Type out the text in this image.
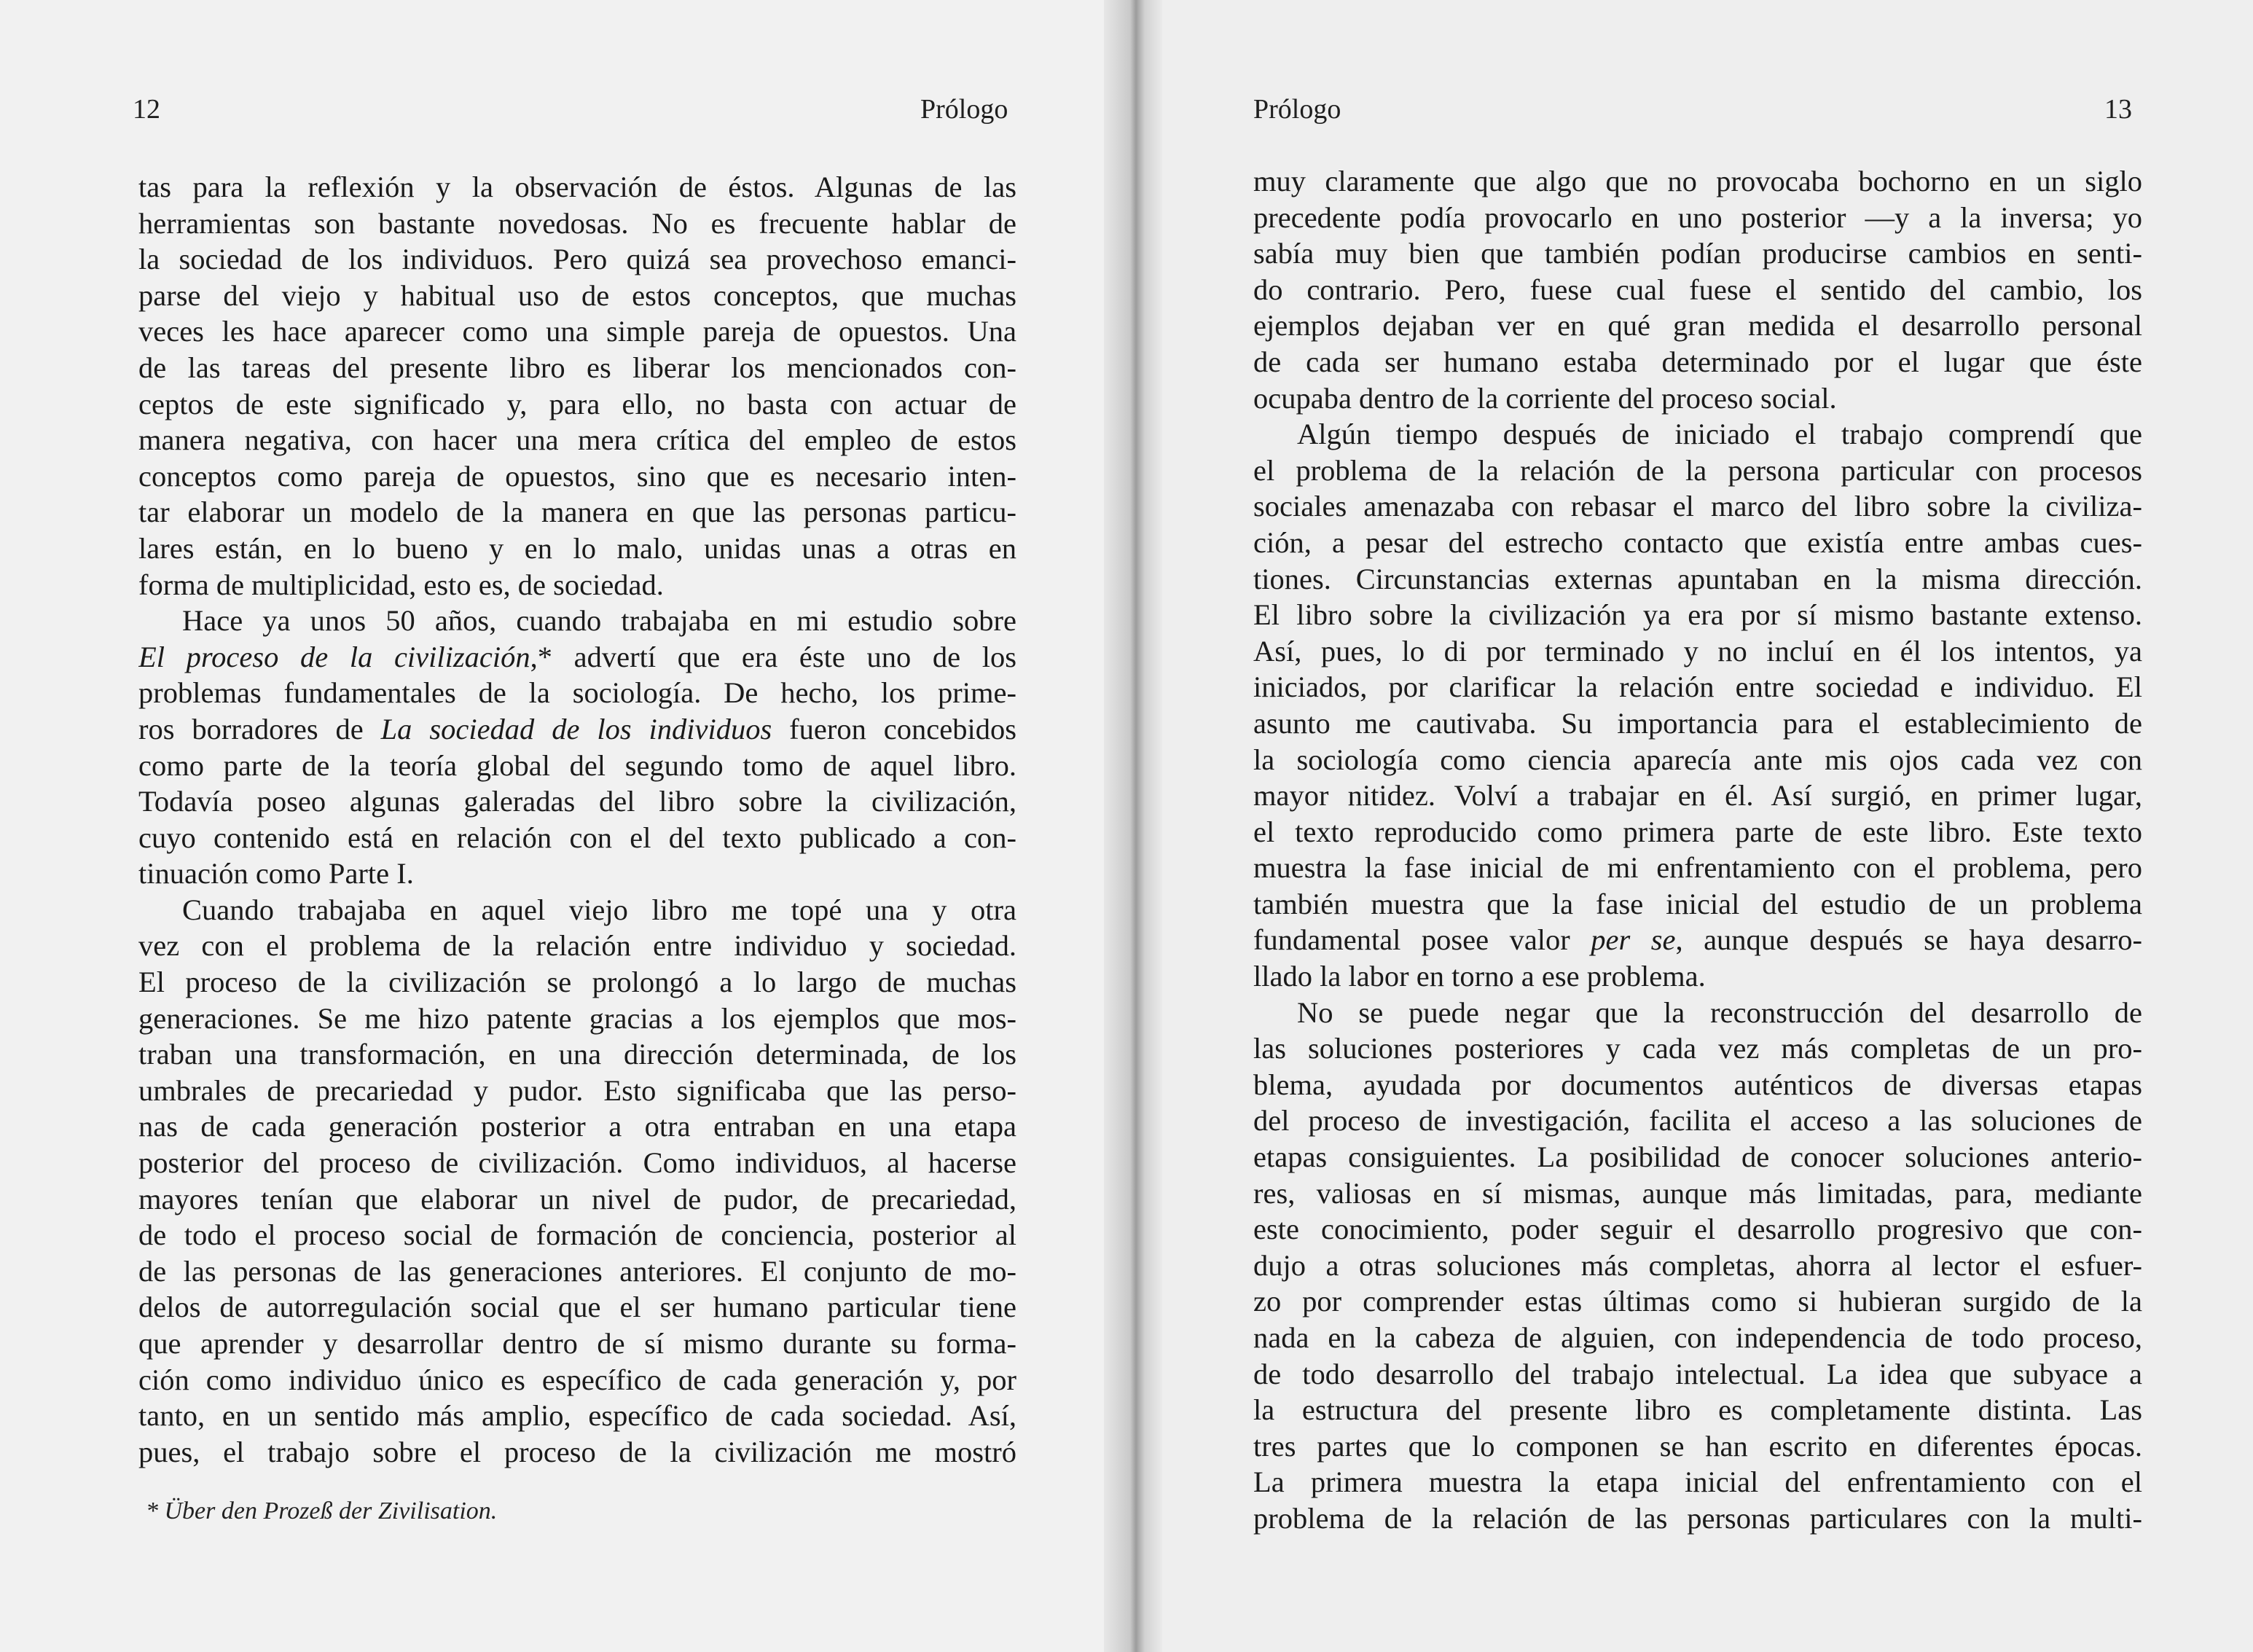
12	Prólogo
tas para la reflexión y la observación de éstos. Algunas de las
herramientas son bastante novedosas. No es frecuente hablar de
la sociedad de los individuos. Pero quizá sea provechoso emanci-
parse del viejo y habitual uso de estos conceptos, que muchas
veces les hace aparecer como una simple pareja de opuestos. Una
de las tareas del presente libro es liberar los mencionados con-
ceptos de este significado y, para ello, no basta con actuar de
manera negativa, con hacer una mera crítica del empleo de estos
conceptos como pareja de opuestos, sino que es necesario inten-
tar elaborar un modelo de la manera en que las personas particu-
lares están, en lo bueno y en lo malo, unidas unas a otras en
forma de multiplicidad, esto es, de sociedad.
Hace ya unos 50 años, cuando trabajaba en mi estudio sobre
El proceso de la civilización,* advertí que era éste uno de los
problemas fundamentales de la sociología. De hecho, los prime-
ros borradores de La sociedad de los individuos fueron concebidos
como parte de la teoría global del segundo tomo de aquel libro.
Todavía poseo algunas galeradas del libro sobre la civilización,
cuyo contenido está en relación con el del texto publicado a con-
tinuación como Parte I.
Cuando trabajaba en aquel viejo libro me topé una y otra
vez con el problema de la relación entre individuo y sociedad.
El proceso de la civilización se prolongó a lo largo de muchas
generaciones. Se me hizo patente gracias a los ejemplos que mos-
traban una transformación, en una dirección determinada, de los
umbrales de precariedad y pudor. Esto significaba que las perso-
nas de cada generación posterior a otra entraban en una etapa
posterior del proceso de civilización. Como individuos, al hacerse
mayores tenían que elaborar un nivel de pudor, de precariedad,
de todo el proceso social de formación de conciencia, posterior al
de las personas de las generaciones anteriores. El conjunto de mo-
delos de autorregulación social que el ser humano particular tiene
que aprender y desarrollar dentro de sí mismo durante su forma-
ción como individuo único es específico de cada generación y, por
tanto, en un sentido más amplio, específico de cada sociedad. Así,
pues, el trabajo sobre el proceso de la civilización me mostró
* Über den Prozeß der Zivilisation.
Prólogo	13
muy claramente que algo que no provocaba bochorno en un siglo
precedente podía provocarlo en uno posterior —y a la inversa; yo
sabía muy bien que también podían producirse cambios en senti-
do contrario. Pero, fuese cual fuese el sentido del cambio, los
ejemplos dejaban ver en qué gran medida el desarrollo personal
de cada ser humano estaba determinado por el lugar que éste
ocupaba dentro de la corriente del proceso social.
Algún tiempo después de iniciado el trabajo comprendí que
el problema de la relación de la persona particular con procesos
sociales amenazaba con rebasar el marco del libro sobre la civiliza-
ción, a pesar del estrecho contacto que existía entre ambas cues-
tiones. Circunstancias externas apuntaban en la misma dirección.
El libro sobre la civilización ya era por sí mismo bastante extenso.
Así, pues, lo di por terminado y no incluí en él los intentos, ya
iniciados, por clarificar la relación entre sociedad e individuo. El
asunto me cautivaba. Su importancia para el establecimiento de
la sociología como ciencia aparecía ante mis ojos cada vez con
mayor nitidez. Volví a trabajar en él. Así surgió, en primer lugar,
el texto reproducido como primera parte de este libro. Este texto
muestra la fase inicial de mi enfrentamiento con el problema, pero
también muestra que la fase inicial del estudio de un problema
fundamental posee valor per se, aunque después se haya desarro-
llado la labor en torno a ese problema.
No se puede negar que la reconstrucción del desarrollo de
las soluciones posteriores y cada vez más completas de un pro-
blema, ayudada por documentos auténticos de diversas etapas
del proceso de investigación, facilita el acceso a las soluciones de
etapas consiguientes. La posibilidad de conocer soluciones anterio-
res, valiosas en sí mismas, aunque más limitadas, para, mediante
este conocimiento, poder seguir el desarrollo progresivo que con-
dujo a otras soluciones más completas, ahorra al lector el esfuer-
zo por comprender estas últimas como si hubieran surgido de la
nada en la cabeza de alguien, con independencia de todo proceso,
de todo desarrollo del trabajo intelectual. La idea que subyace a
la estructura del presente libro es completamente distinta. Las
tres partes que lo componen se han escrito en diferentes épocas.
La primera muestra la etapa inicial del enfrentamiento con el
problema de la relación de las personas particulares con la multi-
